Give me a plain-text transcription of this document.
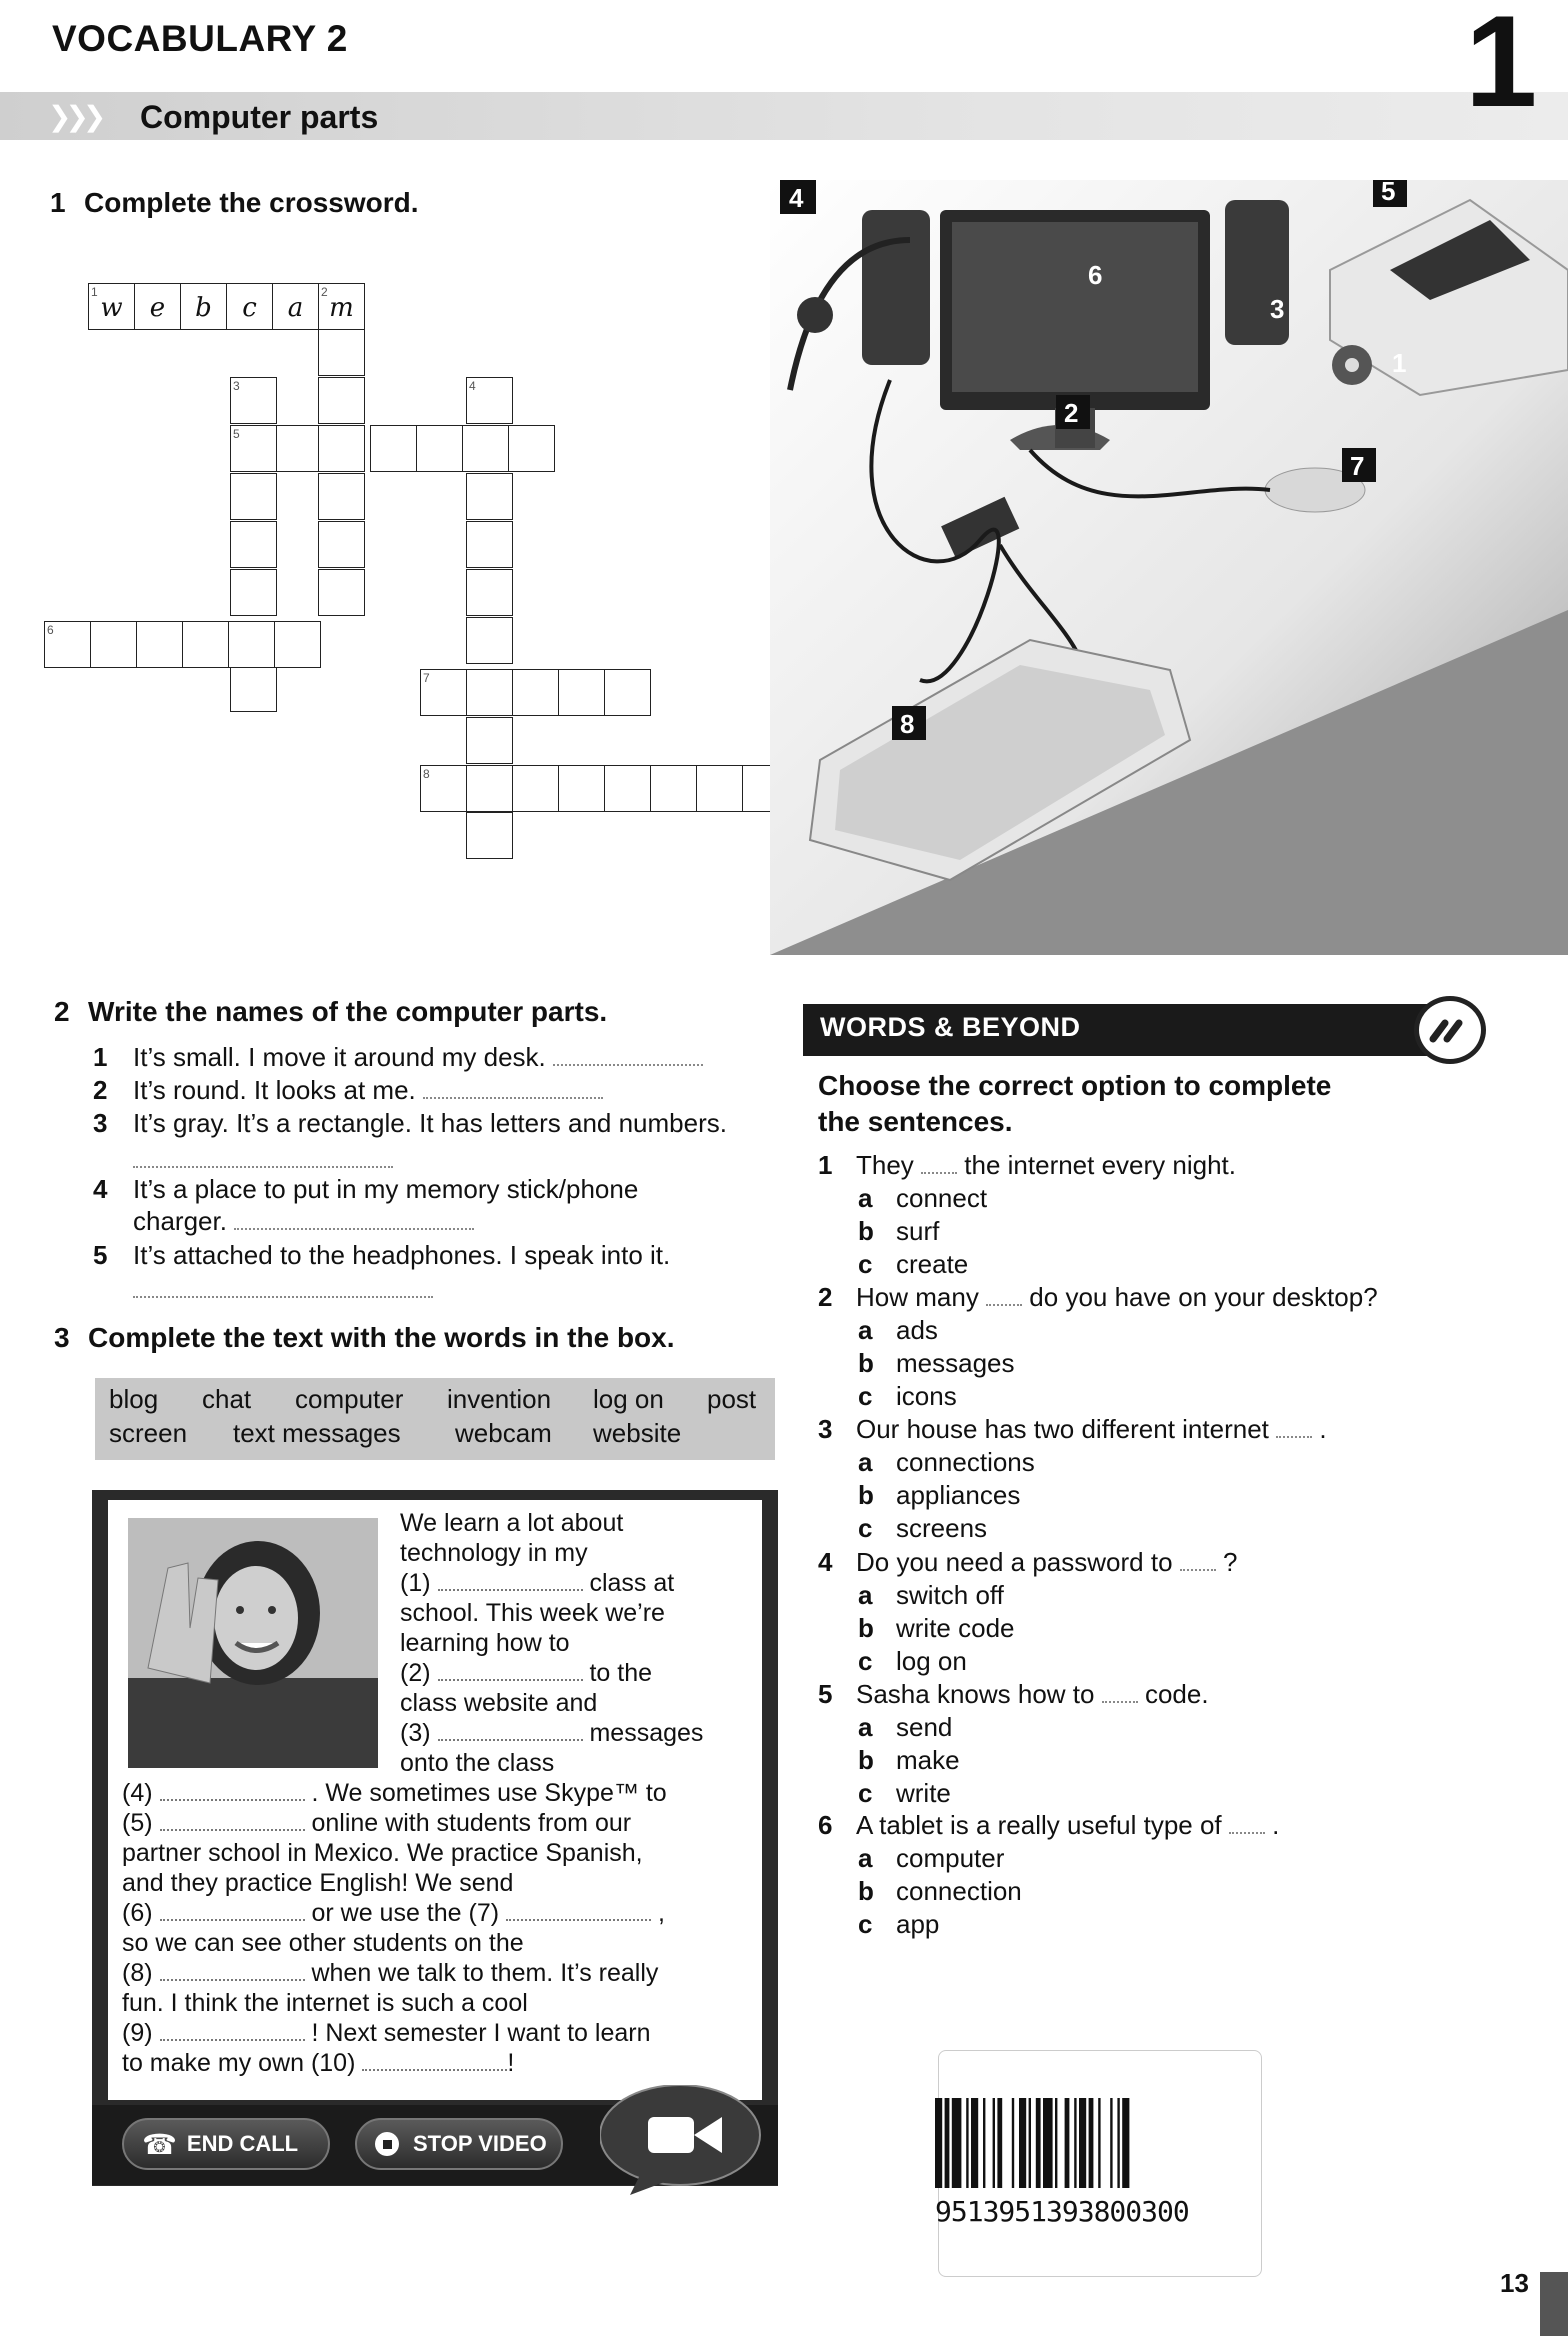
VOCABULARY 2
❯❯❯ Computer parts	1
1 Complete the crossword.
1
w	e	b	c	a
2
m
3
5
4
6
7
8
4	5
6
3
1
2
7
8
2 Write the names of the computer parts.
1 It’s small. I move it around my desk.
2 It’s round. It looks at me.
3 It’s gray. It’s a rectangle. It has letters and numbers.
4 It’s a place to put in my memory stick/phone
charger.
5 It’s attached to the headphones. I speak into it.
3 Complete the text with the words in the box.
blog chat computer invention log on post
screen text messages webcam website
We learn a lot about
technology in my
(1)	class at
school. This week we’re
learning how to
(2)	to the
class website and
(3)	messages
onto the class
(4)	. We sometimes use Skype™ to
(5)	online with students from our
partner school in Mexico. We practice Spanish,
and they practice English! We send
(6)	or we use the (7)	,
so we can see other students on the
(8)	when we talk to them. It’s really
fun. I think the internet is such a cool
(9)	! Next semester I want to learn
to make my own (10)	!
☎ END CALL	STOP VIDEO
WORDS & BEYOND
Choose the correct option to complete
the sentences.
1 They the internet every night.
a connect
b surf
c create
2 How many do you have on your desktop?
a ads
b messages
c icons
3 Our house has two different internet .
a connections
b appliances
c screens
4 Do you need a password to ?
a switch off
b write code
c log on
5 Sasha knows how to code.
a send
b make
c write
6 A tablet is a really useful type of .
a computer
b connection
c app
9513951393800300
13
